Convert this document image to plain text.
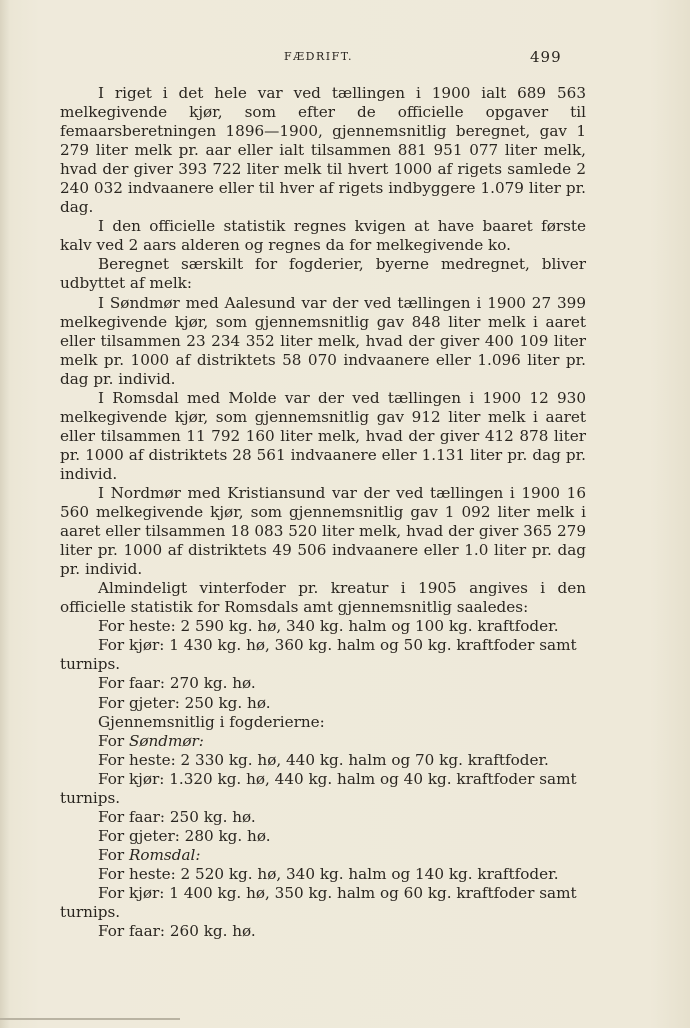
FÆDRIFT.	499

I riget i det hele var ved tællingen i 1900 ialt 689 563 melkegivende kjør, som efter de officielle opgaver til femaarsberetningen 1896—1900, gjennemsnitlig beregnet, gav 1 279 liter melk pr. aar eller ialt tilsammen 881 951 077 liter melk, hvad der giver 393 722 liter melk til hvert 1000 af rigets samlede 2 240 032 indvaanere eller til hver af rigets indbyggere 1.079 liter pr. dag.

I den officielle statistik regnes kvigen at have baaret første kalv ved 2 aars alderen og regnes da for melkegivende ko.

Beregnet særskilt for fogderier, byerne medregnet, bliver udbyttet af melk:

I Søndmør med Aalesund var der ved tællingen i 1900 27 399 melkegivende kjør, som gjennemsnitlig gav 848 liter melk i aaret eller tilsammen 23 234 352 liter melk, hvad der giver 400 109 liter melk pr. 1000 af distriktets 58 070 indvaanere eller 1.096 liter pr. dag pr. individ.

I Romsdal med Molde var der ved tællingen i 1900 12 930 melkegivende kjør, som gjennemsnitlig gav 912 liter melk i aaret eller tilsammen 11 792 160 liter melk, hvad der giver 412 878 liter pr. 1000 af distriktets 28 561 indvaanere eller 1.131 liter pr. dag pr. individ.

I Nordmør med Kristiansund var der ved tællingen i 1900 16 560 melkegivende kjør, som gjennemsnitlig gav 1 092 liter melk i aaret eller tilsammen 18 083 520 liter melk, hvad der giver 365 279 liter pr. 1000 af distriktets 49 506 indvaanere eller 1.0 liter pr. dag pr. individ.

Almindeligt vinterfoder pr. kreatur i 1905 angives i den officielle statistik for Romsdals amt gjennemsnitlig saaledes:

For heste: 2 590 kg. hø, 340 kg. halm og 100 kg. kraftfoder.

For kjør: 1 430 kg. hø, 360 kg. halm og 50 kg. kraftfoder samt turnips.

For faar: 270 kg. hø.

For gjeter: 250 kg. hø.

Gjennemsnitlig i fogderierne:

For Søndmør:

For heste: 2 330 kg. hø, 440 kg. halm og 70 kg. kraftfoder.

For kjør: 1.320 kg. hø, 440 kg. halm og 40 kg. kraftfoder samt turnips.

For faar: 250 kg. hø.

For gjeter: 280 kg. hø.

For Romsdal:

For heste: 2 520 kg. hø, 340 kg. halm og 140 kg. kraftfoder.

For kjør: 1 400 kg. hø, 350 kg. halm og 60 kg. kraftfoder samt turnips.

For faar: 260 kg. hø.
